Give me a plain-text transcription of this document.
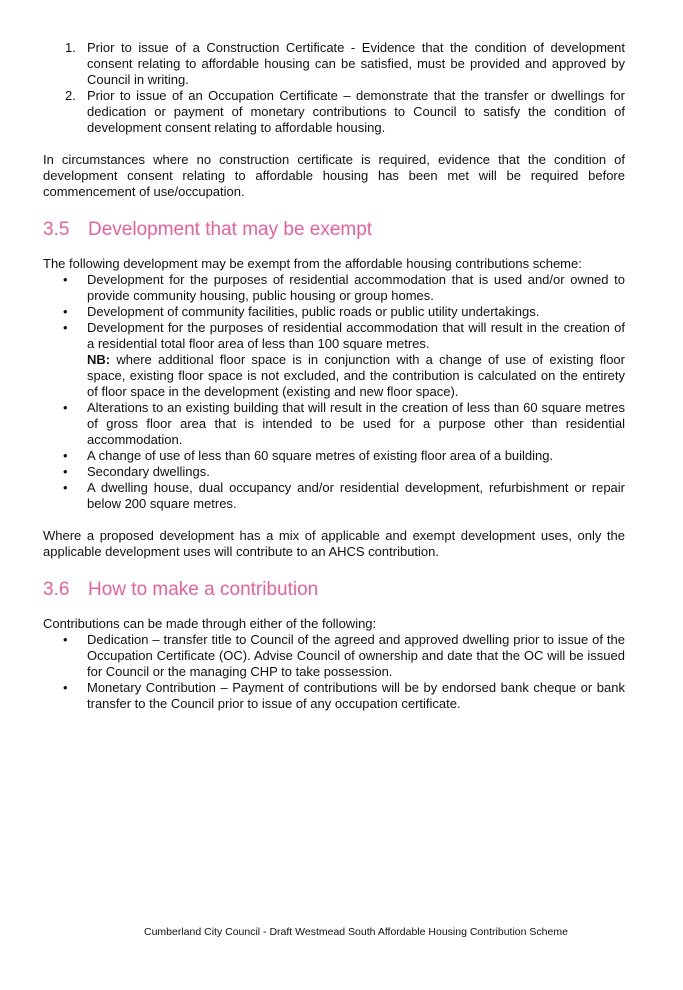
1. Prior to issue of a Construction Certificate - Evidence that the condition of development consent relating to affordable housing can be satisfied, must be provided and approved by Council in writing.
2. Prior to issue of an Occupation Certificate – demonstrate that the transfer or dwellings for dedication or payment of monetary contributions to Council to satisfy the condition of development consent relating to affordable housing.

In circumstances where no construction certificate is required, evidence that the condition of development consent relating to affordable housing has been met will be required before commencement of use/occupation.

3.5 Development that may be exempt

The following development may be exempt from the affordable housing contributions scheme:

• Development for the purposes of residential accommodation that is used and/or owned to provide community housing, public housing or group homes.
• Development of community facilities, public roads or public utility undertakings.
• Development for the purposes of residential accommodation that will result in the creation of a residential total floor area of less than 100 square metres.
NB: where additional floor space is in conjunction with a change of use of existing floor space, existing floor space is not excluded, and the contribution is calculated on the entirety of floor space in the development (existing and new floor space).
• Alterations to an existing building that will result in the creation of less than 60 square metres of gross floor area that is intended to be used for a purpose other than residential accommodation.
• A change of use of less than 60 square metres of existing floor area of a building.
• Secondary dwellings.
• A dwelling house, dual occupancy and/or residential development, refurbishment or repair below 200 square metres.

Where a proposed development has a mix of applicable and exempt development uses, only the applicable development uses will contribute to an AHCS contribution.

3.6 How to make a contribution

Contributions can be made through either of the following:

• Dedication – transfer title to Council of the agreed and approved dwelling prior to issue of the Occupation Certificate (OC). Advise Council of ownership and date that the OC will be issued for Council or the managing CHP to take possession.
• Monetary Contribution – Payment of contributions will be by endorsed bank cheque or bank transfer to the Council prior to issue of any occupation certificate.
Cumberland City Council - Draft Westmead South Affordable Housing Contribution Scheme
